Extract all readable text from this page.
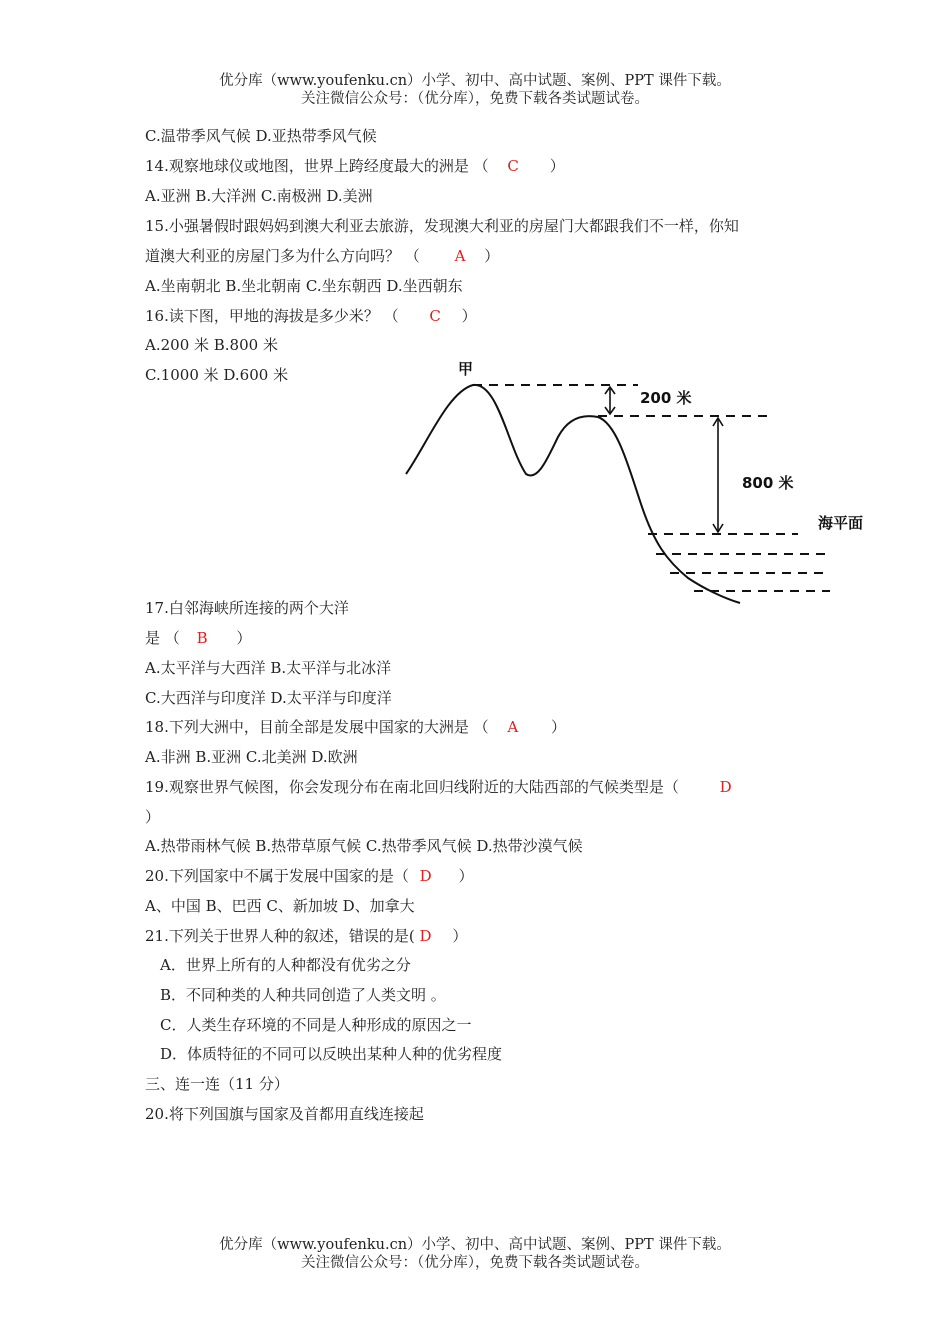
优分库（www.youfenku.cn）小学、初中、高中试题、案例、PPT 课件下载。
关注微信公众号：（优分库），免费下载各类试题试卷。
C.温带季风气候 D.亚热带季风气候
14.观察地球仪或地图，世界上跨经度最大的洲是 （ C ）
A.亚洲 B.大洋洲 C.南极洲 D.美洲
15.小强暑假时跟妈妈到澳大利亚去旅游，发现澳大利亚的房屋门大都跟我们不一样，你知
道澳大利亚的房屋门多为什么方向吗？ （ A ）
A.坐南朝北 B.坐北朝南 C.坐东朝西 D.坐西朝东
16.读下图，甲地的海拔是多少米？ （ C ）
A.200 米 B.800 米
C.1000 米 D.600 米	甲
200 米
800 米
海平面
17.白邻海峡所连接的两个大洋
是 （ B ）
A.太平洋与大西洋 B.太平洋与北冰洋
C.大西洋与印度洋 D.太平洋与印度洋
18.下列大洲中，目前全部是发展中国家的大洲是 （ A ）
A.非洲 B.亚洲 C.北美洲 D.欧洲
19.观察世界气候图，你会发现分布在南北回归线附近的大陆西部的气候类型是（	D
）
A.热带雨林气候 B.热带草原气候 C.热带季风气候 D.热带沙漠气候
20.下列国家中不属于发展中国家的是（ D ）
A、中国 B、巴西 C、新加坡 D、加拿大
21.下列关于世界人种的叙述，错误的是( D ）
A．世界上所有的人种都没有优劣之分
B．不同种类的人种共同创造了人类文明 。
C．人类生存环境的不同是人种形成的原因之一
D．体质特征的不同可以反映出某种人种的优劣程度
三、连一连（11 分）
20.将下列国旗与国家及首都用直线连接起
优分库（www.youfenku.cn）小学、初中、高中试题、案例、PPT 课件下载。
关注微信公众号：（优分库），免费下载各类试题试卷。
